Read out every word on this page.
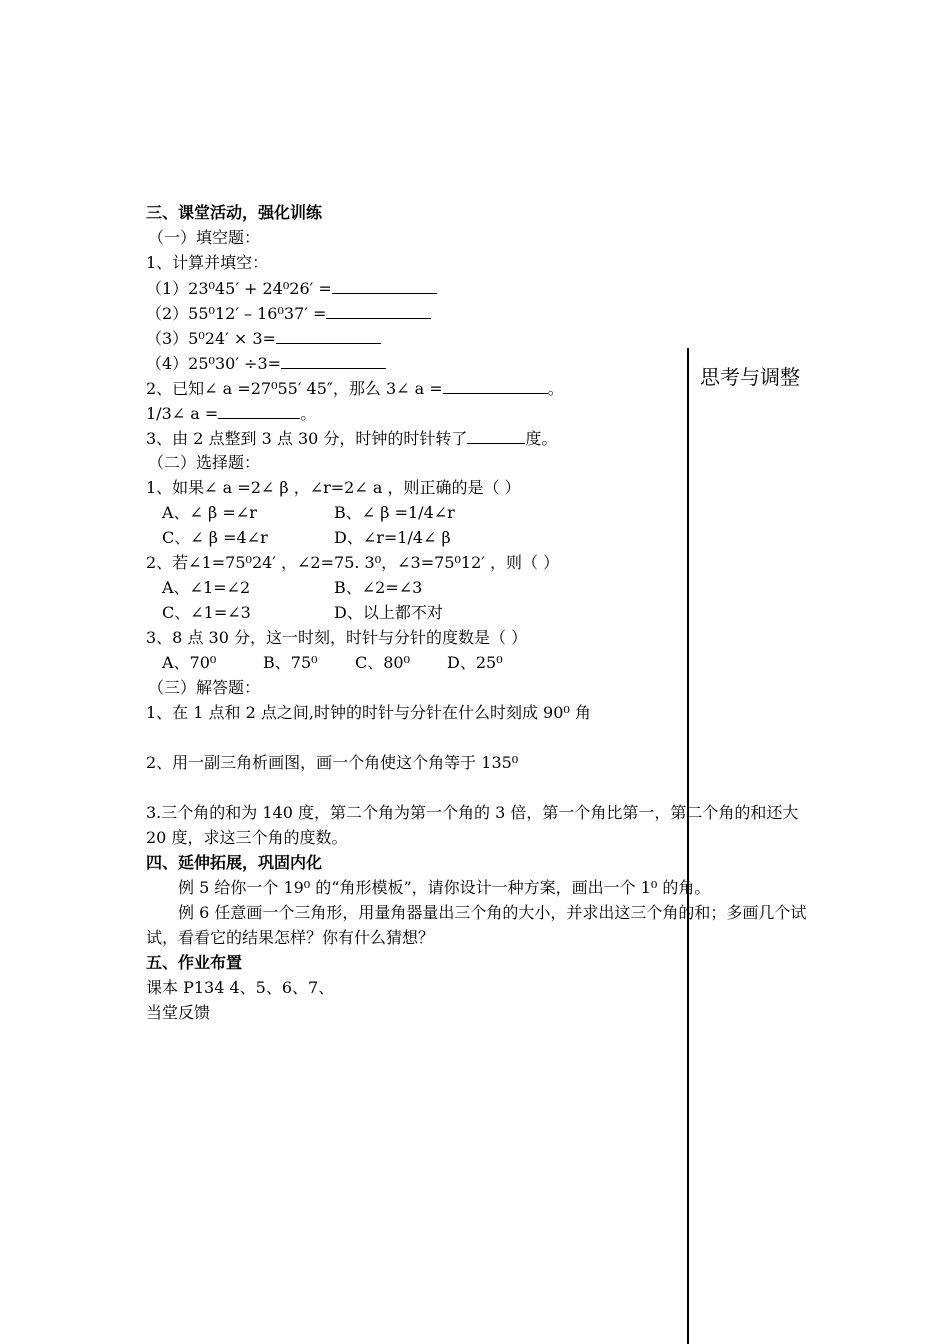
思考与调整
三、课堂活动，强化训练
（一）填空题：
1、计算并填空：
（1）23⁰45′ + 24⁰26′ =
（2）55⁰12′ – 16⁰37′ =
（3）5⁰24′ × 3=
（4）25⁰30′ ÷3=
2、已知∠ a =27⁰55′ 45″，那么 3∠ a =	。
1/3∠ a =	。
3、由 2 点整到 3 点 30 分，时钟的时针转了	度。
（二）选择题：
1、如果∠ a =2∠ β ，∠r=2∠ a ，则正确的是（ ）
A、∠ β =∠r	B、∠ β =1/4∠r
C、∠ β =4∠r	D、∠r=1/4∠ β
2、若∠1=75⁰24′ ，∠2=75. 3⁰，∠3=75⁰12′ ，则（ ）
A、∠1=∠2	B、∠2=∠3
C、∠1=∠3	D、以上都不对
3、8 点 30 分，这一时刻，时针与分针的度数是（ ）
A、70⁰	B、75⁰ C、80⁰ D、25⁰
（三）解答题：
1、在 1 点和 2 点之间,时钟的时针与分针在什么时刻成 90⁰ 角
2、用一副三角析画图，画一个角使这个角等于 135⁰
3.三个角的和为 140 度，第二个角为第一个角的 3 倍，第一个角比第一，第二个角的和还大 20 度，求这三个角的度数。
四、延伸拓展，巩固内化
例 5 给你一个 19⁰ 的“角形模板”，请你设计一种方案，画出一个 1⁰ 的角。
例 6 任意画一个三角形，用量角器量出三个角的大小，并求出这三个角的和；多画几个试试，看看它的结果怎样？你有什么猜想？
五、作业布置
课本 P134 4、5、6、7、
当堂反馈
